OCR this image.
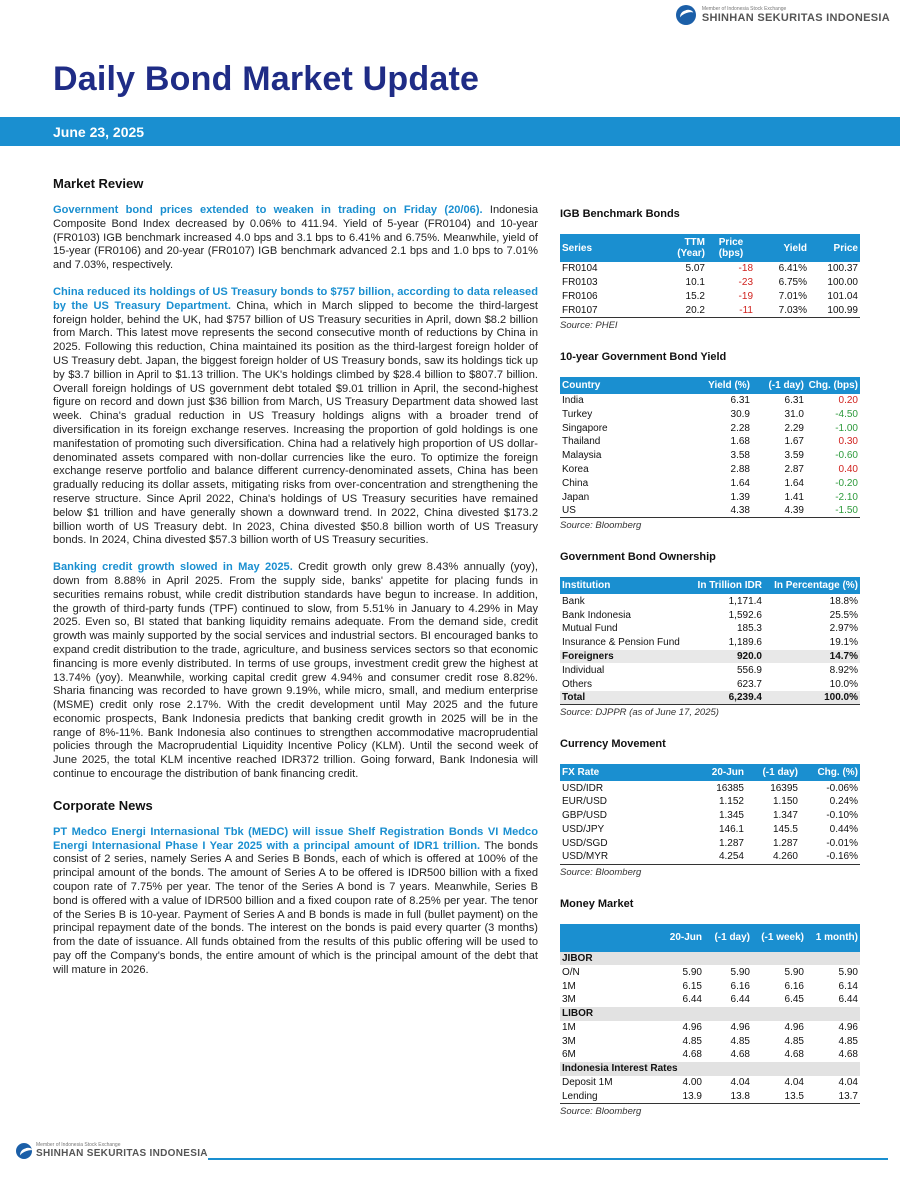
Member of Indonesia Stock Exchange
SHINHAN SEKURITAS INDONESIA
Daily Bond Market Update
June 23, 2025
Market Review

Government bond prices extended to weaken in trading on Friday (20/06). Indonesia Composite Bond Index decreased by 0.06% to 411.94. Yield of 5-year (FR0104) and 10-year (FR0103) IGB benchmark increased 4.0 bps and 3.1 bps to 6.41% and 6.75%. Meanwhile, yield of 15-year (FR0106) and 20-year (FR0107) IGB benchmark advanced 2.1 bps and 1.0 bps to 7.01% and 7.03%, respectively.

China reduced its holdings of US Treasury bonds to $757 billion, according to data released by the US Treasury Department. China, which in March slipped to become the third-largest foreign holder, behind the UK, had $757 billion of US Treasury securities in April, down $8.2 billion from March. This latest move represents the second consecutive month of reductions by China in 2025. Following this reduction, China maintained its position as the third-largest foreign holder of US Treasury debt. Japan, the biggest foreign holder of US Treasury bonds, saw its holdings tick up by $3.7 billion in April to $1.13 trillion. The UK's holdings climbed by $28.4 billion to $807.7 billion. Overall foreign holdings of US government debt totaled $9.01 trillion in April, the second-highest figure on record and down just $36 billion from March, US Treasury Department data showed last week. China's gradual reduction in US Treasury holdings aligns with a broader trend of diversification in its foreign exchange reserves. Increasing the proportion of gold holdings is one manifestation of promoting such diversification. China had a relatively high proportion of US dollar-denominated assets compared with non-dollar currencies like the euro. To optimize the foreign exchange reserve portfolio and balance different currency-denominated assets, China has been gradually reducing its dollar assets, mitigating risks from over-concentration and strengthening the reserve structure. Since April 2022, China's holdings of US Treasury securities have remained below $1 trillion and have generally shown a downward trend. In 2022, China divested $173.2 billion worth of US Treasury debt. In 2023, China divested $50.8 billion worth of US Treasury bonds. In 2024, China divested $57.3 billion worth of US Treasury securities.

Banking credit growth slowed in May 2025. Credit growth only grew 8.43% annually (yoy), down from 8.88% in April 2025. From the supply side, banks' appetite for placing funds in securities remains robust, while credit distribution standards have begun to increase. In addition, the growth of third-party funds (TPF) continued to slow, from 5.51% in January to 4.29% in May 2025. Even so, BI stated that banking liquidity remains adequate. From the demand side, credit growth was mainly supported by the social services and industrial sectors. BI encouraged banks to expand credit distribution to the trade, agriculture, and business services sectors so that economic financing is more evenly distributed. In terms of use groups, investment credit grew the highest at 13.74% (yoy). Meanwhile, working capital credit grew 4.94% and consumer credit rose 8.82%. Sharia financing was recorded to have grown 9.19%, while micro, small, and medium enterprise (MSME) credit only rose 2.17%. With the credit development until May 2025 and the future economic prospects, Bank Indonesia predicts that banking credit growth in 2025 will be in the range of 8%-11%. Bank Indonesia also continues to strengthen accommodative macroprudential policies through the Macroprudential Liquidity Incentive Policy (KLM). Until the second week of June 2025, the total KLM incentive reached IDR372 trillion. Going forward, Bank Indonesia will continue to encourage the distribution of bank financing credit.

Corporate News

PT Medco Energi Internasional Tbk (MEDC) will issue Shelf Registration Bonds VI Medco Energi Internasional Phase I Year 2025 with a principal amount of IDR1 trillion. The bonds consist of 2 series, namely Series A and Series B Bonds, each of which is offered at 100% of the principal amount of the bonds. The amount of Series A to be offered is IDR500 billion with a fixed coupon rate of 7.75% per year. The tenor of the Series A bond is 7 years. Meanwhile, Series B bond is offered with a value of IDR500 billion and a fixed coupon rate of 8.25% per year. The tenor of the Series B is 10-year. Payment of Series A and B bonds is made in full (bullet payment) on the principal repayment date of the bonds. The interest on the bonds is paid every quarter (3 months) from the date of issuance. All funds obtained from the results of this public offering will be used to pay off the Company's bonds, the entire amount of which is the principal amount of the debt that will mature in 2026.

IGB Benchmark Bonds
Series	TTM (Year)	Price (bps)	Yield	Price
FR0104	5.07	-18	6.41%	100.37
FR0103	10.1	-23	6.75%	100.00
FR0106	15.2	-19	7.01%	101.04
FR0107	20.2	-11	7.03%	100.99
Source: PHEI
10-year Government Bond Yield
Country	Yield (%)	(-1 day)	Chg. (bps)
India	6.31	6.31	0.20
Turkey	30.9	31.0	-4.50
Singapore	2.28	2.29	-1.00
Thailand	1.68	1.67	0.30
Malaysia	3.58	3.59	-0.60
Korea	2.88	2.87	0.40
China	1.64	1.64	-0.20
Japan	1.39	1.41	-2.10
US	4.38	4.39	-1.50
Source: Bloomberg
Government Bond Ownership
Institution	In Trillion IDR	In Percentage (%)
Bank	1,171.4	18.8%
Bank Indonesia	1,592.6	25.5%
Mutual Fund	185.3	2.97%
Insurance & Pension Fund	1,189.6	19.1%
Foreigners	920.0	14.7%
Individual	556.9	8.92%
Others	623.7	10.0%
Total	6,239.4	100.0%
Source: DJPPR (as of June 17, 2025)
Currency Movement
FX Rate	20-Jun	(-1 day)	Chg. (%)
USD/IDR	16385	16395	-0.06%
EUR/USD	1.152	1.150	0.24%
GBP/USD	1.345	1.347	-0.10%
USD/JPY	146.1	145.5	0.44%
USD/SGD	1.287	1.287	-0.01%
USD/MYR	4.254	4.260	-0.16%
Source: Bloomberg
Money Market
	20-Jun	(-1 day)	(-1 week)	1 month)
JIBOR				
O/N	5.90	5.90	5.90	5.90
1M	6.15	6.16	6.16	6.14
3M	6.44	6.44	6.45	6.44
LIBOR				
1M	4.96	4.96	4.96	4.96
3M	4.85	4.85	4.85	4.85
6M	4.68	4.68	4.68	4.68
Indonesia Interest Rates				
Deposit 1M	4.00	4.04	4.04	4.04
Lending	13.9	13.8	13.5	13.7
Source: Bloomberg
Member of Indonesia Stock Exchange
SHINHAN SEKURITAS INDONESIA
